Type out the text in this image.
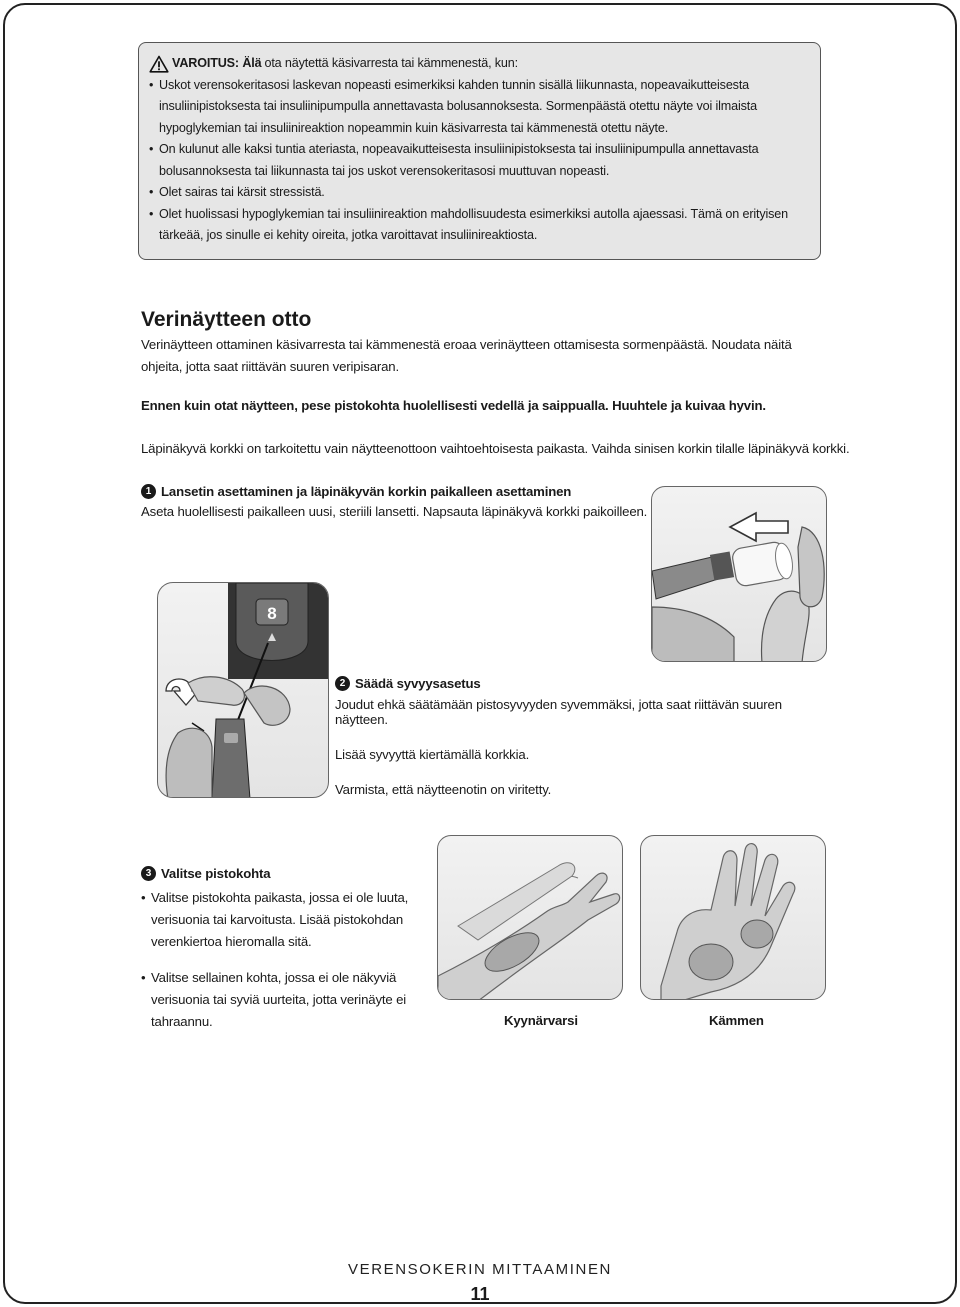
VAROITUS: Älä ota näytettä käsivarresta tai kämmenestä, kun:
• Uskot verensokeritasosi laskevan nopeasti esimerkiksi kahden tunnin sisällä liikunnasta, nopeavaikutteisesta insuliinipistoksesta tai insuliinipumpulla annettavasta bolusannoksesta. Sormenpäästä otettu näyte voi ilmaista hypoglykemian tai insuliinireaktion nopeammin kuin käsivarresta tai kämmenestä otettu näyte.
• On kulunut alle kaksi tuntia ateriasta, nopeavaikutteisesta insuliinipistoksesta tai insuliinipumpulla annettavasta bolusannoksesta tai liikunnasta tai jos uskot verensokeritasosi muuttuvan nopeasti.
• Olet sairas tai kärsit stressistä.
• Olet huolissasi hypoglykemian tai insuliinireaktion mahdollisuudesta esimerkiksi autolla ajaessasi. Tämä on erityisen tärkeää, jos sinulle ei kehity oireita, jotka varoittavat insuliinireaktiosta.
Verinäytteen otto
Verinäytteen ottaminen käsivarresta tai kämmenestä eroaa verinäytteen ottamisesta sormenpäästä. Noudata näitä ohjeita, jotta saat riittävän suuren veripisaran.
Ennen kuin otat näytteen, pese pistokohta huolellisesti vedellä ja saippualla. Huuhtele ja kuivaa hyvin.
Läpinäkyvä korkki on tarkoitettu vain näytteenottoon vaihtoehtoisesta paikasta. Vaihda sinisen korkin tilalle läpinäkyvä korkki.
1 Lansetin asettaminen ja läpinäkyvän korkin paikalleen asettaminen
Aseta huolellisesti paikalleen uusi, steriili lansetti. Napsauta läpinäkyvä korkki paikoilleen.
8
2 Säädä syvyysasetus
Joudut ehkä säätämään pistosyvyyden syvemmäksi, jotta saat riittävän suuren näytteen.
Lisää syvyyttä kiertämällä korkkia.
Varmista, että näytteenotin on viritetty.
3 Valitse pistokohta
• Valitse pistokohta paikasta, jossa ei ole luuta, verisuonia tai karvoitusta. Lisää pistokohdan verenkiertoa hieromalla sitä.
• Valitse sellainen kohta, jossa ei ole näkyviä verisuonia tai syviä uurteita, jotta verinäyte ei tahraannu.	Kyynärvarsi	Kämmen
VERENSOKERIN MITTAAMINEN
11
